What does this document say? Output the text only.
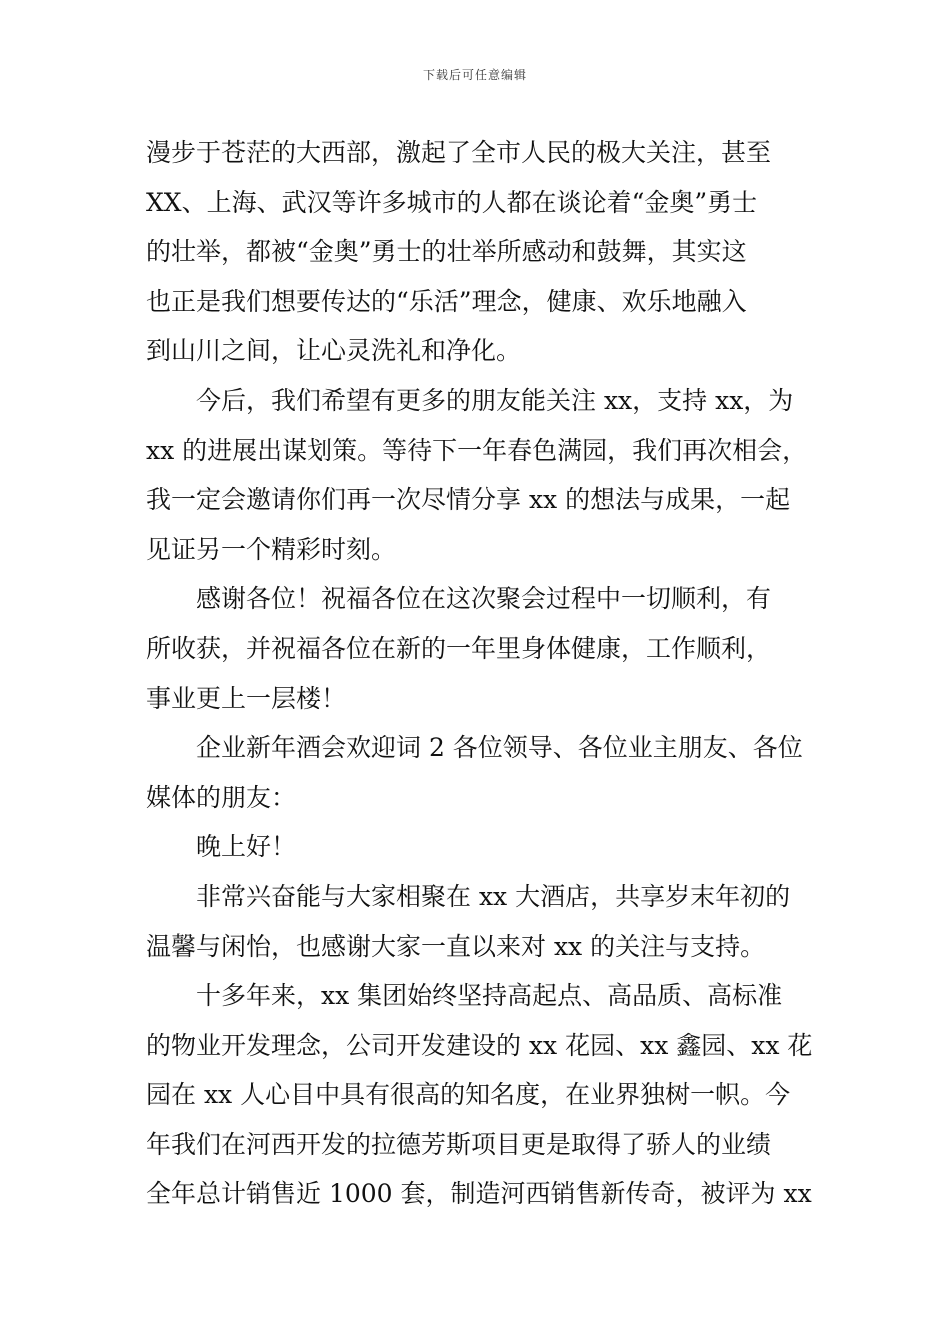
下载后可任意编辑
漫步于苍茫的大西部，激起了全市人民的极大关注，甚至
XX、上海、武汉等许多城市的人都在谈论着“金奥”勇士
的壮举，都被“金奥”勇士的壮举所感动和鼓舞，其实这
也正是我们想要传达的“乐活”理念，健康、欢乐地融入
到山川之间，让心灵洗礼和净化。
今后，我们希望有更多的朋友能关注 xx，支持 xx，为
xx 的进展出谋划策。等待下一年春色满园，我们再次相会，
我一定会邀请你们再一次尽情分享 xx 的想法与成果，一起
见证另一个精彩时刻。
感谢各位！祝福各位在这次聚会过程中一切顺利，有
所收获，并祝福各位在新的一年里身体健康，工作顺利，
事业更上一层楼！
企业新年酒会欢迎词 2 各位领导、各位业主朋友、各位
媒体的朋友：
晚上好！
非常兴奋能与大家相聚在 xx 大酒店，共享岁末年初的
温馨与闲怡，也感谢大家一直以来对 xx 的关注与支持。
十多年来，xx 集团始终坚持高起点、高品质、高标准
的物业开发理念，公司开发建设的 xx 花园、xx 鑫园、xx 花
园在 xx 人心目中具有很高的知名度，在业界独树一帜。今
年我们在河西开发的拉德芳斯项目更是取得了骄人的业绩
全年总计销售近 1000 套，制造河西销售新传奇，被评为 xx
